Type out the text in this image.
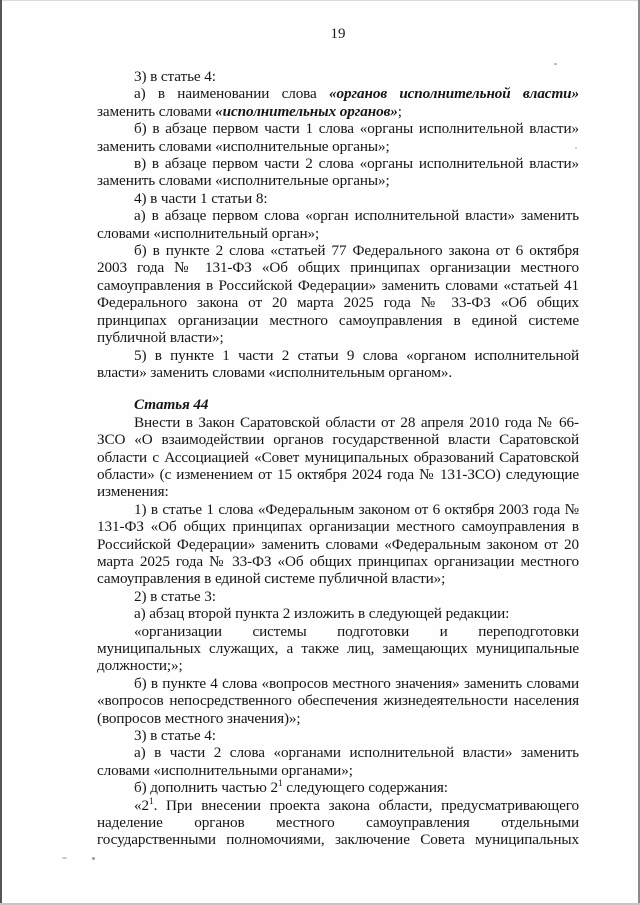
19

3) в статье 4:

а) в наименовании слова «органов исполнительной власти» заменить словами «исполнительных органов»;

б) в абзаце первом части 1 слова «органы исполнительной власти» заменить словами «исполнительные органы»;

в) в абзаце первом части 2 слова «органы исполнительной власти» заменить словами «исполнительные органы»;

4) в части 1 статьи 8:

а) в абзаце первом слова «орган исполнительной власти» заменить словами «исполнительный орган»;

б) в пункте 2 слова «статьей 77 Федерального закона от 6 октября 2003 года № 131-ФЗ «Об общих принципах организации местного самоуправления в Российской Федерации» заменить словами «статьей 41 Федерального закона от 20 марта 2025 года № 33-ФЗ «Об общих принципах организации местного самоуправления в единой системе публичной власти»;

5) в пункте 1 части 2 статьи 9 слова «органом исполнительной власти» заменить словами «исполнительным органом».

Статья 44

Внести в Закон Саратовской области от 28 апреля 2010 года № 66-ЗСО «О взаимодействии органов государственной власти Саратовской области с Ассоциацией «Совет муниципальных образований Саратовской области» (с изменением от 15 октября 2024 года № 131-ЗСО) следующие изменения:

1) в статье 1 слова «Федеральным законом от 6 октября 2003 года № 131-ФЗ «Об общих принципах организации местного самоуправления в Российской Федерации» заменить словами «Федеральным законом от 20 марта 2025 года № 33-ФЗ «Об общих принципах организации местного самоуправления в единой системе публичной власти»;

2) в статье 3:

а) абзац второй пункта 2 изложить в следующей редакции:

«организации системы подготовки и переподготовки муниципальных служащих, а также лиц, замещающих муниципальные должности;»;

б) в пункте 4 слова «вопросов местного значения» заменить словами «вопросов непосредственного обеспечения жизнедеятельности населения (вопросов местного значения)»;

3) в статье 4:

а) в части 2 слова «органами исполнительной власти» заменить словами «исполнительными органами»;

б) дополнить частью $2^1$ следующего содержания:

«$2^1$. При внесении проекта закона области, предусматривающего наделение органов местного самоуправления отдельными государственными полномочиями, заключение Совета муниципальных
